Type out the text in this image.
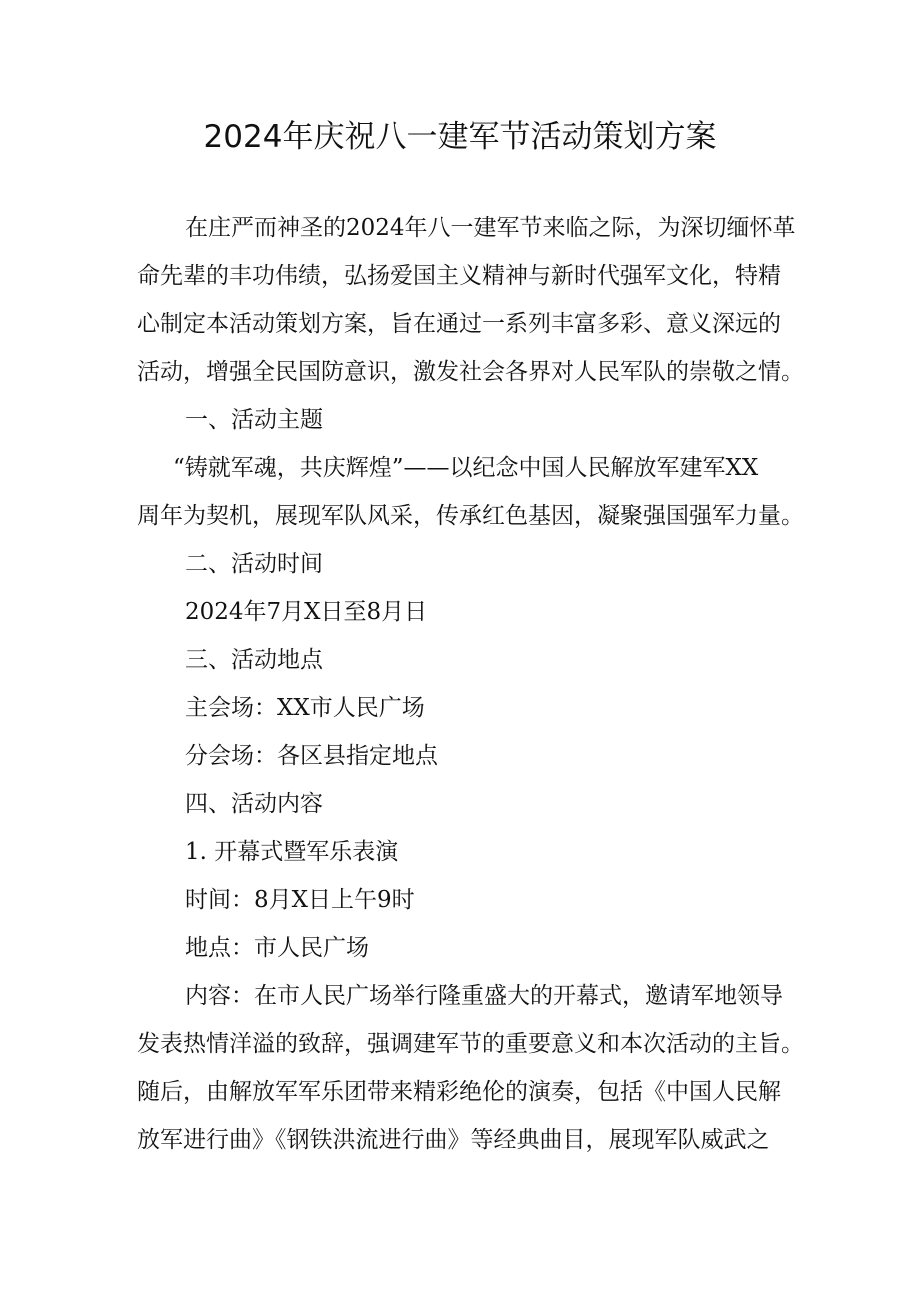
2024年庆祝八一建军节活动策划方案
在庄严而神圣的2024年八一建军节来临之际，为深切缅怀革
命先辈的丰功伟绩，弘扬爱国主义精神与新时代强军文化，特精
心制定本活动策划方案，旨在通过一系列丰富多彩、意义深远的
活动，增强全民国防意识，激发社会各界对人民军队的崇敬之情。
一、活动主题
“铸就军魂，共庆辉煌”——以纪念中国人民解放军建军XX
周年为契机，展现军队风采，传承红色基因，凝聚强国强军力量。
二、活动时间
2024年7月X日至8月日
三、活动地点
主会场：XX市人民广场
分会场：各区县指定地点
四、活动内容
1. 开幕式暨军乐表演
时间：8月X日上午9时
地点：市人民广场
内容：在市人民广场举行隆重盛大的开幕式，邀请军地领导
发表热情洋溢的致辞，强调建军节的重要意义和本次活动的主旨。
随后，由解放军军乐团带来精彩绝伦的演奏，包括《中国人民解
放军进行曲》《钢铁洪流进行曲》等经典曲目，展现军队威武之
